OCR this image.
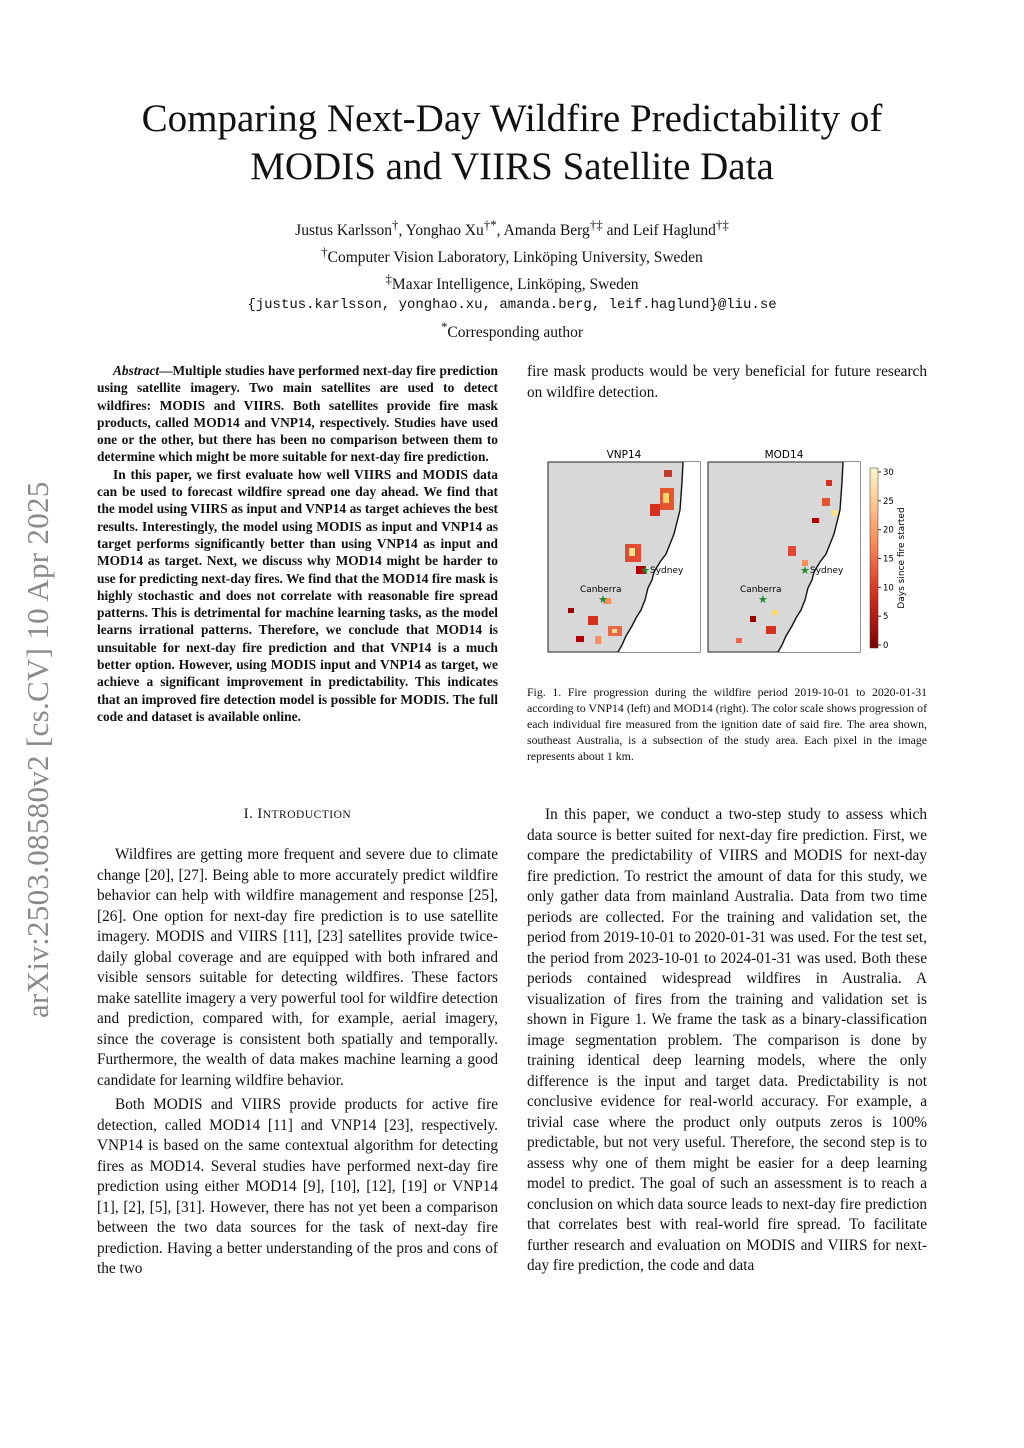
arXiv:2503.08580v2 [cs.CV] 10 Apr 2025
Comparing Next-Day Wildfire Predictability of
MODIS and VIIRS Satellite Data
Justus Karlsson†, Yonghao Xu†*, Amanda Berg†‡ and Leif Haglund†‡
†Computer Vision Laboratory, Linköping University, Sweden
‡Maxar Intelligence, Linköping, Sweden
{justus.karlsson, yonghao.xu, amanda.berg, leif.haglund}@liu.se
*Corresponding author

Abstract—Multiple studies have performed next-day fire prediction using satellite imagery. Two main satellites are used to detect wildfires: MODIS and VIIRS. Both satellites provide fire mask products, called MOD14 and VNP14, respectively. Studies have used one or the other, but there has been no comparison between them to determine which might be more suitable for next-day fire prediction.

In this paper, we first evaluate how well VIIRS and MODIS data can be used to forecast wildfire spread one day ahead. We find that the model using VIIRS as input and VNP14 as target achieves the best results. Interestingly, the model using MODIS as input and VNP14 as target performs significantly better than using VNP14 as input and MOD14 as target. Next, we discuss why MOD14 might be harder to use for predicting next-day fires. We find that the MOD14 fire mask is highly stochastic and does not correlate with reasonable fire spread patterns. This is detrimental for machine learning tasks, as the model learns irrational patterns. Therefore, we conclude that MOD14 is unsuitable for next-day fire prediction and that VNP14 is a much better option. However, using MODIS input and VNP14 as target, we achieve a significant improvement in predictability. This indicates that an improved fire detection model is possible for MODIS. The full code and dataset is available online.

I. INTRODUCTION

Wildfires are getting more frequent and severe due to climate change [20], [27]. Being able to more accurately predict wildfire behavior can help with wildfire management and response [25], [26]. One option for next-day fire prediction is to use satellite imagery. MODIS and VIIRS [11], [23] satellites provide twice-daily global coverage and are equipped with both infrared and visible sensors suitable for detecting wildfires. These factors make satellite imagery a very powerful tool for wildfire detection and prediction, compared with, for example, aerial imagery, since the coverage is consistent both spatially and temporally. Furthermore, the wealth of data makes machine learning a good candidate for learning wildfire behavior.

Both MODIS and VIIRS provide products for active fire detection, called MOD14 [11] and VNP14 [23], respectively. VNP14 is based on the same contextual algorithm for detecting fires as MOD14. Several studies have performed next-day fire prediction using either MOD14 [9], [10], [12], [19] or VNP14 [1], [2], [5], [31]. However, there has not yet been a comparison between the two data sources for the task of next-day fire prediction. Having a better understanding of the pros and cons of the two

fire mask products would be very beneficial for future research on wildfire detection.

VNP14	MOD14
Sydney
★
Canberra
★
Sydney
★
Canberra
★
30
25
20
15
10
5
0
Days since fire started
Fig. 1. Fire progression during the wildfire period 2019-10-01 to 2020-01-31 according to VNP14 (left) and MOD14 (right). The color scale shows progression of each individual fire measured from the ignition date of said fire. The area shown, southeast Australia, is a subsection of the study area. Each pixel in the image represents about 1 km.

In this paper, we conduct a two-step study to assess which data source is better suited for next-day fire prediction. First, we compare the predictability of VIIRS and MODIS for next-day fire prediction. To restrict the amount of data for this study, we only gather data from mainland Australia. Data from two time periods are collected. For the training and validation set, the period from 2019-10-01 to 2020-01-31 was used. For the test set, the period from 2023-10-01 to 2024-01-31 was used. Both these periods contained widespread wildfires in Australia. A visualization of fires from the training and validation set is shown in Figure 1. We frame the task as a binary-classification image segmentation problem. The comparison is done by training identical deep learning models, where the only difference is the input and target data. Predictability is not conclusive evidence for real-world accuracy. For example, a trivial case where the product only outputs zeros is 100% predictable, but not very useful. Therefore, the second step is to assess why one of them might be easier for a deep learning model to predict. The goal of such an assessment is to reach a conclusion on which data source leads to next-day fire prediction that correlates best with real-world fire spread. To facilitate further research and evaluation on MODIS and VIIRS for next-day fire prediction, the code and data
